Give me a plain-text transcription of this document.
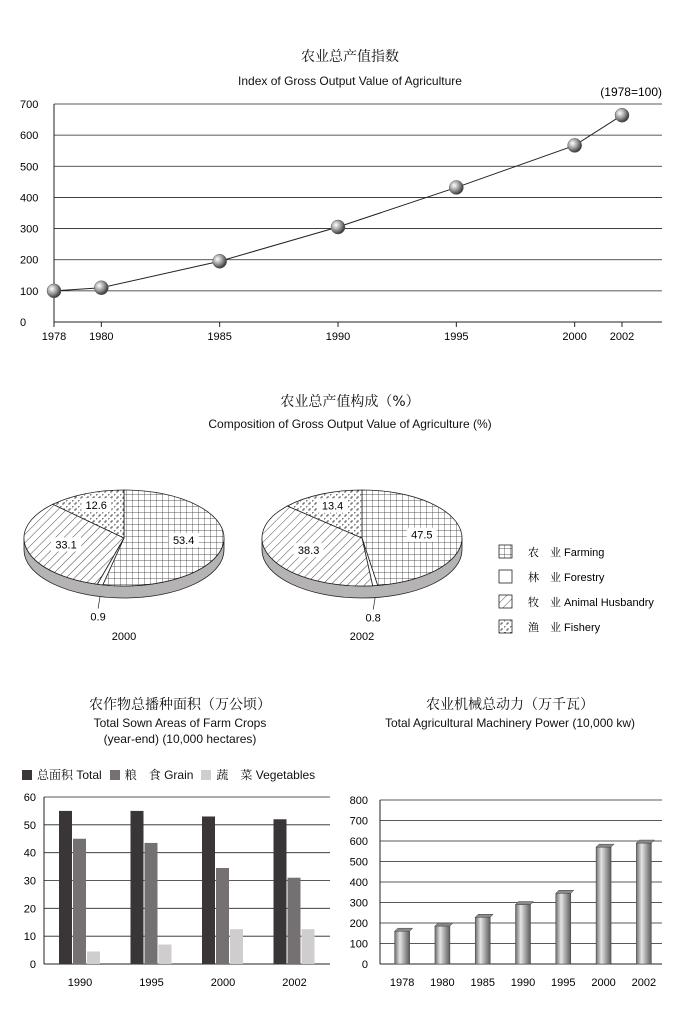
农业总产值指数
Index of Gross Output Value of Agriculture
0
100
200
300
400
500
600
700
(1978=100)
1978 1980	1985	1990	1995	2000 2002
农业总产值构成（%）
Composition of Gross Output Value of Agriculture (%)
53.4
0.9
33.1
12.6
2000
47.5
0.8
38.3
13.4
2002
农　业 Farming
林　业 Forestry
牧　业 Animal Husbandry
渔　业 Fishery
农作物总播种面积（万公顷）
Total Sown Areas of Farm Crops
(year-end) (10,000 hectares)
总面积 Total 粮　食 Grain 蔬　菜 Vegetables
0
10
20
30
40
50
60
1990	1995	2000	2002
农业机械总动力（万千瓦）
Total Agricultural Machinery Power (10,000 kw)
0
100
200
300
400
500
600
700
800
1978 1980 1985 1990 1995 2000 2002
